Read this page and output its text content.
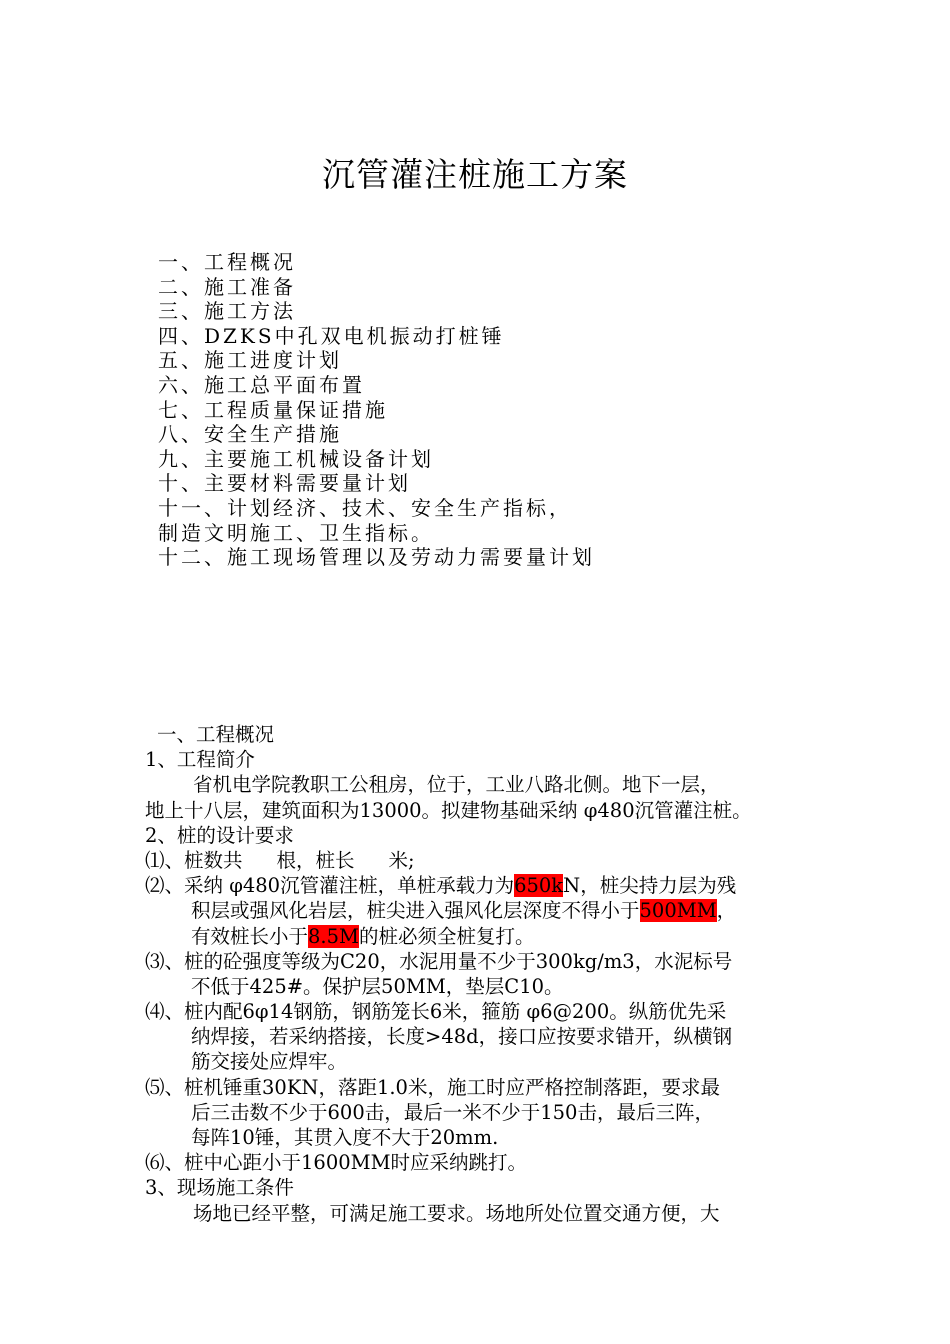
沉管灌注桩施工方案
一、工程概况
二、施工准备
三、施工方法
四、DZKS中孔双电机振动打桩锤
五、施工进度计划
六、施工总平面布置
七、工程质量保证措施
八、安全生产措施
九、主要施工机械设备计划
十、主要材料需要量计划
十一、计划经济、技术、安全生产指标，
制造文明施工、卫生指标。
十二、施工现场管理以及劳动力需要量计划
一、工程概况
1、工程简介
省机电学院教职工公租房，位于，工业八路北侧。地下一层，
地上十八层，建筑面积为13000。拟建物基础采纳 φ480沉管灌注桩。
2、桩的设计要求
⑴、桩数共 根，桩长 米;
⑵、采纳 φ480沉管灌注桩，单桩承载力为650kN，桩尖持力层为残
积层或强风化岩层，桩尖进入强风化层深度不得小于500MM，
有效桩长小于8.5M的桩必须全桩复打。
⑶、桩的砼强度等级为C20，水泥用量不少于300kg/m3，水泥标号
不低于425#。保护层50MM，垫层C10。
⑷、桩内配6φ14钢筋，钢筋笼长6米，箍筋 φ6@200。纵筋优先采
纳焊接，若采纳搭接，长度>48d，接口应按要求错开，纵横钢
筋交接处应焊牢。
⑸、桩机锤重30KN，落距1.0米，施工时应严格控制落距，要求最
后三击数不少于600击，最后一米不少于150击，最后三阵，
每阵10锤，其贯入度不大于20mm.
⑹、桩中心距小于1600MM时应采纳跳打。
3、现场施工条件
场地已经平整，可满足施工要求。场地所处位置交通方便，大
